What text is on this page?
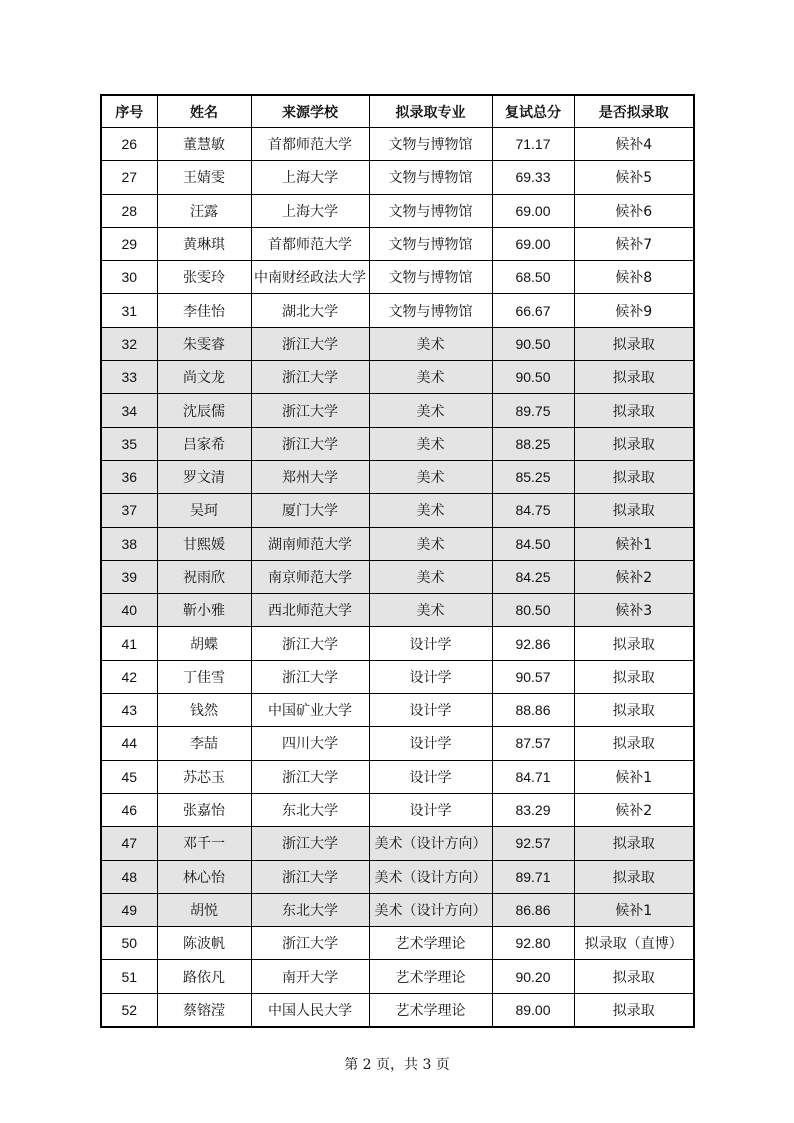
序号	姓名	来源学校	拟录取专业	复试总分	是否拟录取
26	董慧敏	首都师范大学	文物与博物馆	71.17	候补4
27	王婧雯	上海大学	文物与博物馆	69.33	候补5
28	汪露	上海大学	文物与博物馆	69.00	候补6
29	黄琳琪	首都师范大学	文物与博物馆	69.00	候补7
30	张雯玲	中南财经政法大学	文物与博物馆	68.50	候补8
31	李佳怡	湖北大学	文物与博物馆	66.67	候补9
32	朱雯睿	浙江大学	美术	90.50	拟录取
33	尚文龙	浙江大学	美术	90.50	拟录取
34	沈辰儒	浙江大学	美术	89.75	拟录取
35	吕家希	浙江大学	美术	88.25	拟录取
36	罗文清	郑州大学	美术	85.25	拟录取
37	吴珂	厦门大学	美术	84.75	拟录取
38	甘熙媛	湖南师范大学	美术	84.50	候补1
39	祝雨欣	南京师范大学	美术	84.25	候补2
40	靳小雅	西北师范大学	美术	80.50	候补3
41	胡蝶	浙江大学	设计学	92.86	拟录取
42	丁佳雪	浙江大学	设计学	90.57	拟录取
43	钱然	中国矿业大学	设计学	88.86	拟录取
44	李喆	四川大学	设计学	87.57	拟录取
45	苏芯玉	浙江大学	设计学	84.71	候补1
46	张嘉怡	东北大学	设计学	83.29	候补2
47	邓千一	浙江大学	美术（设计方向）	92.57	拟录取
48	林心怡	浙江大学	美术（设计方向）	89.71	拟录取
49	胡悦	东北大学	美术（设计方向）	86.86	候补1
50	陈波帆	浙江大学	艺术学理论	92.80	拟录取（直博）
51	路依凡	南开大学	艺术学理论	90.20	拟录取
52	蔡镕滢	中国人民大学	艺术学理论	89.00	拟录取
第 2 页，共 3 页
